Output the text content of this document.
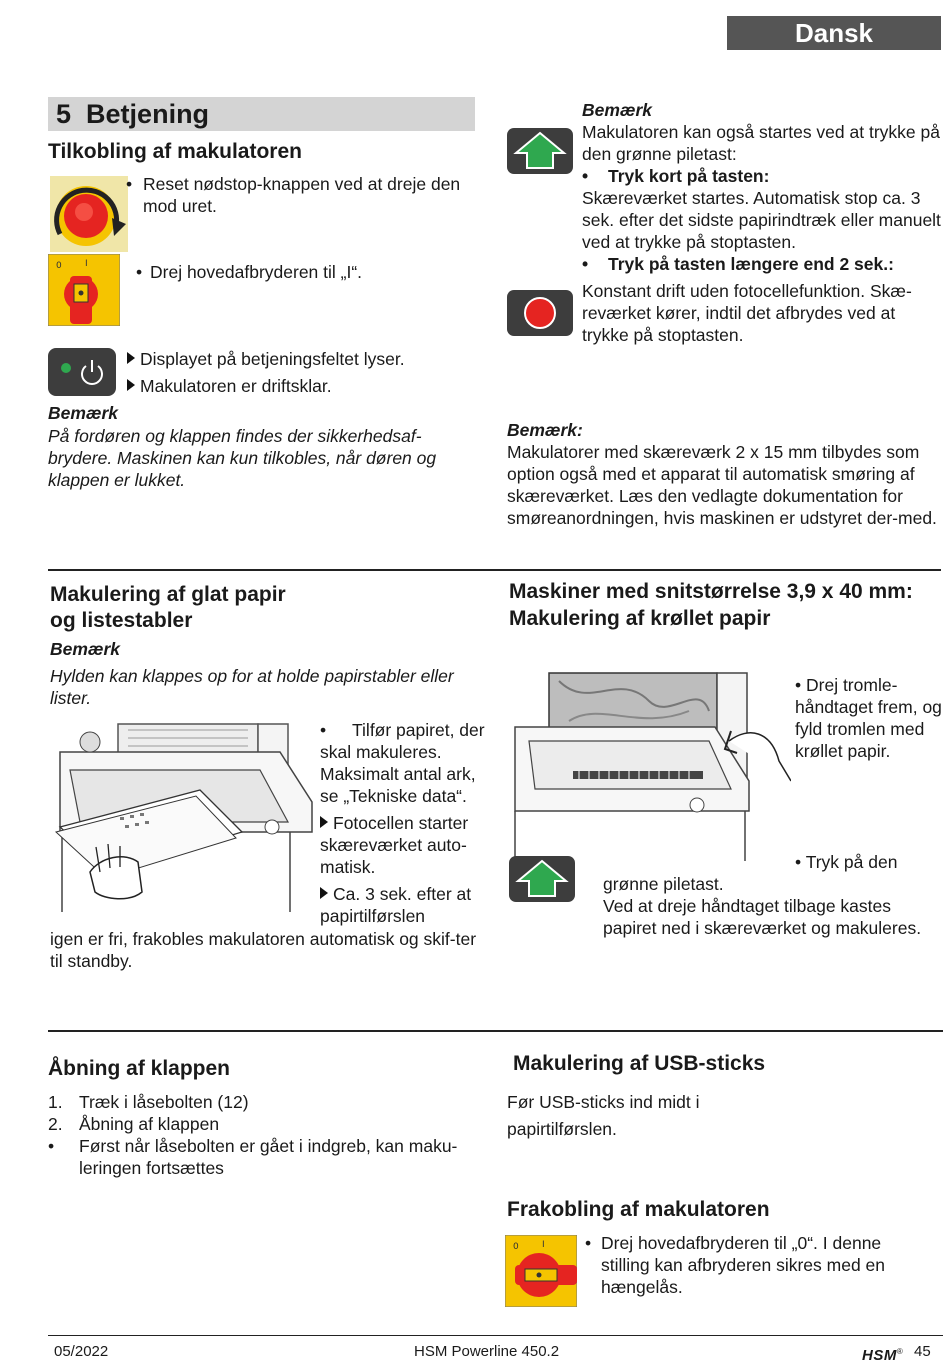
Dansk
5 Betjening
Tilkobling af makulatoren
• Reset nødstop-knappen ved at dreje den mod uret.
0	I	• Drej hovedafbryderen til „I“.
Displayet på betjeningsfeltet lyser.
Makulatoren er driftsklar.
Bemærk
På fordøren og klappen findes der sikkerhedsaf-brydere. Maskinen kan kun tilkobles, når døren og klappen er lukket.
Bemærk
Makulatoren kan også startes ved at trykke på den grønne piletast:
• Tryk kort på tasten:
Skæreværket startes. Automatisk stop ca. 3 sek. efter det sidste papirindtræk eller manuelt ved at trykke på stoptasten.
• Tryk på tasten længere end 2 sek.:
Konstant drift uden fotocellefunktion. Skæ-reværket kører, indtil det afbrydes ved at trykke på stoptasten.
Bemærk:
Makulatorer med skæreværk 2 x 15 mm tilbydes som option også med et apparat til automatisk smøring af skæreværket. Læs den vedlagte dokumentation for smøreanordningen, hvis maskinen er udstyret der-med.
Makulering af glat papir
og listestabler
Bemærk
Hylden kan klappes op for at holde papirstabler eller lister.
• Tilfør papiret, der skal makuleres. Maksimalt antal ark, se „Tekniske data“.
Fotocellen starter skæreværket auto-matisk.
Ca. 3 sek. efter at papirtilførslen
igen er fri, frakobles makulatoren automatisk og skif-ter til standby.
Maskiner med snitstørrelse 3,9 x 40 mm:
Makulering af krøllet papir
• Drej tromle-håndtaget frem, og fyld tromlen med krøllet papir.
• Tryk på den
grønne piletast.
Ved at dreje håndtaget tilbage kastes papiret ned i skæreværket og makuleres.
Åbning af klappen
1. Træk i låsebolten (12)
2. Åbning af klappen
• Først når låsebolten er gået i indgreb, kan maku-leringen fortsættes
Makulering af USB-sticks
Før USB-sticks ind midt i
papirtilførslen.
Frakobling af makulatoren
0	I • Drej hovedafbryderen til „0“. I denne stilling kan afbryderen sikres med en hængelås.
05/2022	HSM Powerline 450.2	HSM® 45
